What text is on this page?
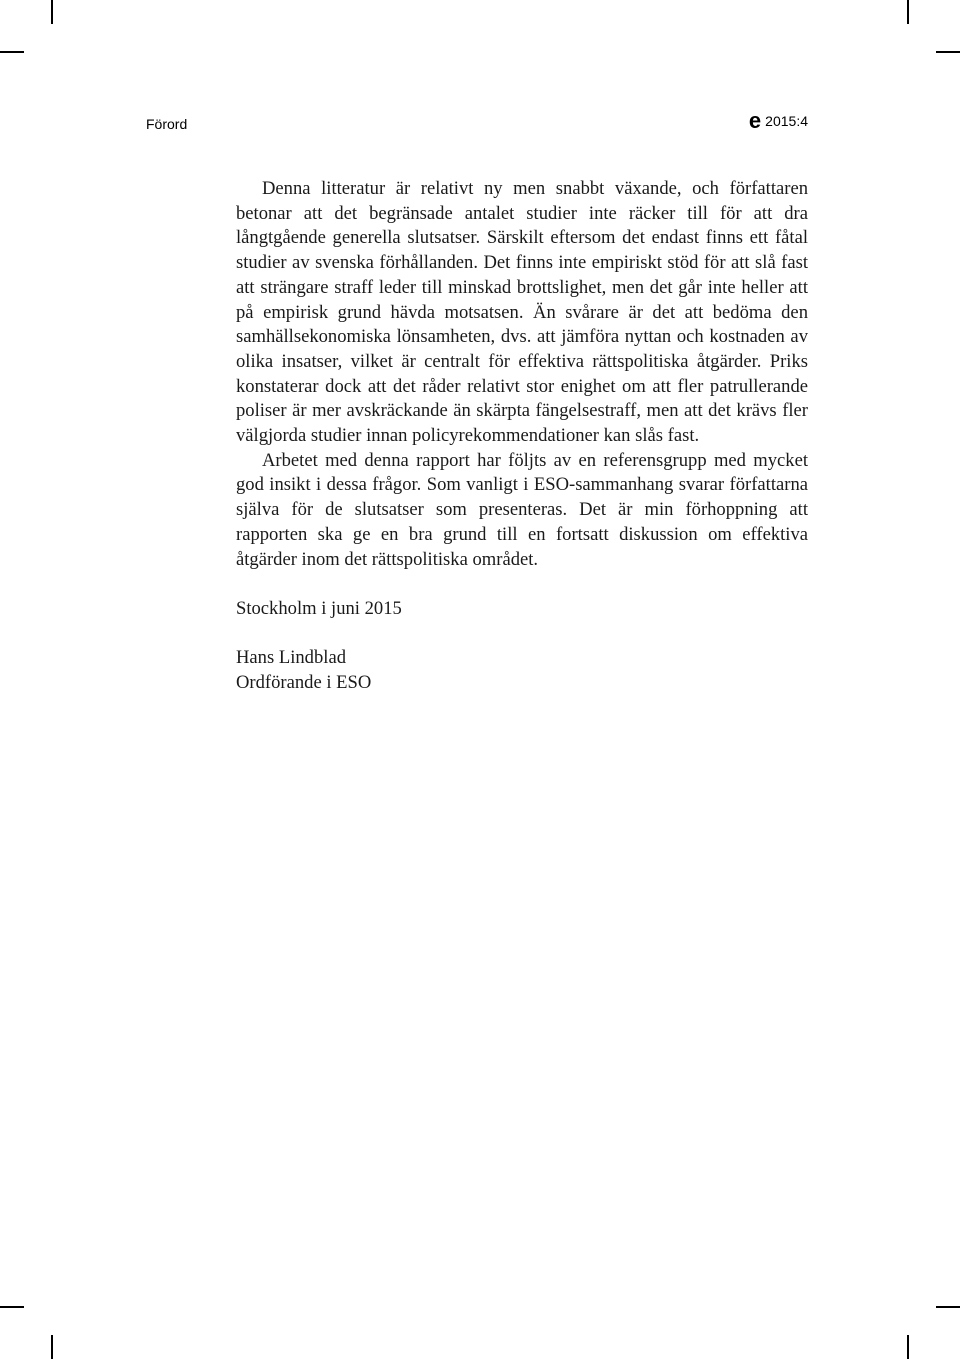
Förord	e 2015:4

Denna litteratur är relativt ny men snabbt växande, och författaren betonar att det begränsade antalet studier inte räcker till för att dra långtgående generella slutsatser. Särskilt eftersom det endast finns ett fåtal studier av svenska förhållanden. Det finns inte empiriskt stöd för att slå fast att strängare straff leder till minskad brottslighet, men det går inte heller att på empirisk grund hävda motsatsen. Än svårare är det att bedöma den samhällsekonomiska lönsamheten, dvs. att jämföra nyttan och kostnaden av olika insatser, vilket är centralt för effektiva rättspolitiska åtgärder. Priks konstaterar dock att det råder relativt stor enighet om att fler patrullerande poliser är mer avskräckande än skärpta fängelsestraff, men att det krävs fler välgjorda studier innan policyrekommendationer kan slås fast.

Arbetet med denna rapport har följts av en referensgrupp med mycket god insikt i dessa frågor. Som vanligt i ESO-sammanhang svarar författarna själva för de slutsatser som presenteras. Det är min förhoppning att rapporten ska ge en bra grund till en fortsatt diskussion om effektiva åtgärder inom det rättspolitiska området.

Stockholm i juni 2015

Hans Lindblad

Ordförande i ESO
